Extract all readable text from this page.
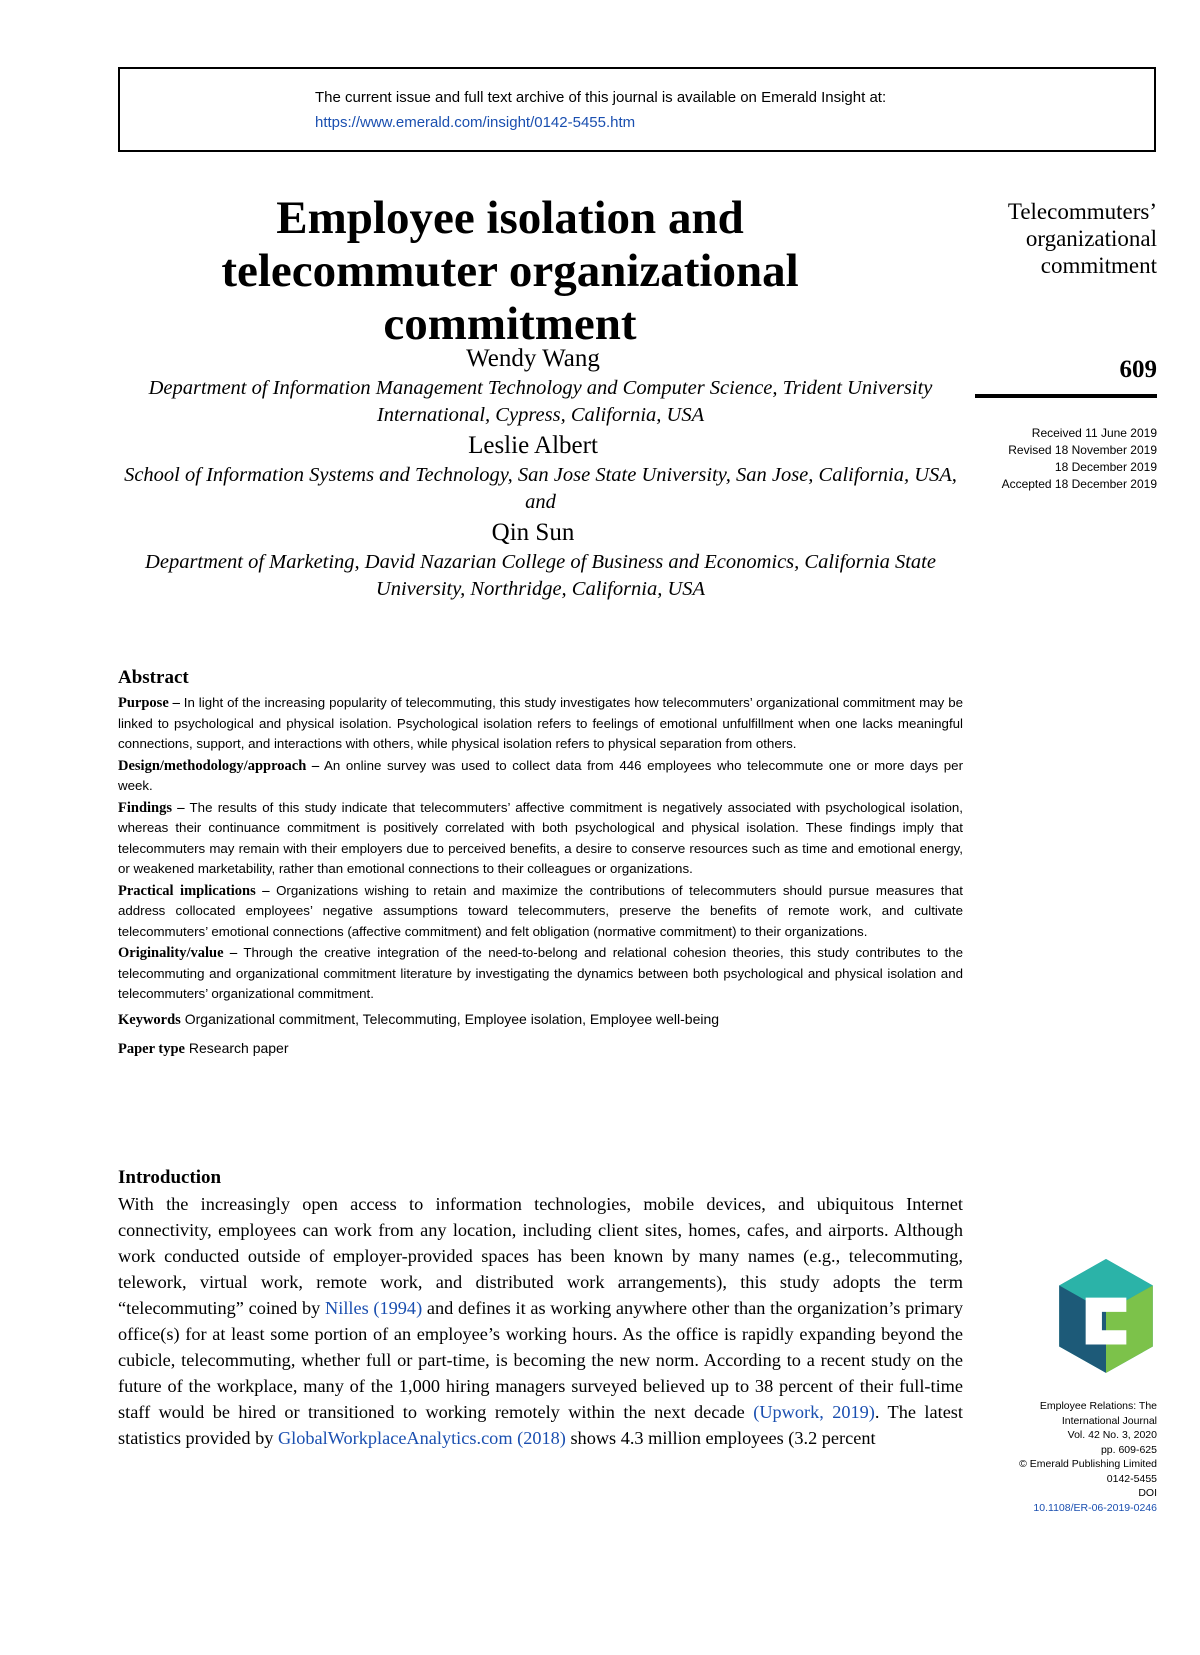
The current issue and full text archive of this journal is available on Emerald Insight at:
https://www.emerald.com/insight/0142-5455.htm
Employee isolation and telecommuter organizational commitment
Wendy Wang
Department of Information Management Technology and Computer Science, Trident University International, Cypress, California, USA
Leslie Albert
School of Information Systems and Technology, San Jose State University, San Jose, California, USA, and
Qin Sun
Department of Marketing, David Nazarian College of Business and Economics, California State University, Northridge, California, USA
Telecommuters’
organizational
commitment
609
Received 11 June 2019
Revised 18 November 2019
18 December 2019
Accepted 18 December 2019
Abstract

Purpose – In light of the increasing popularity of telecommuting, this study investigates how telecommuters’ organizational commitment may be linked to psychological and physical isolation. Psychological isolation refers to feelings of emotional unfulfillment when one lacks meaningful connections, support, and interactions with others, while physical isolation refers to physical separation from others.

Design/methodology/approach – An online survey was used to collect data from 446 employees who telecommute one or more days per week.

Findings – The results of this study indicate that telecommuters’ affective commitment is negatively associated with psychological isolation, whereas their continuance commitment is positively correlated with both psychological and physical isolation. These findings imply that telecommuters may remain with their employers due to perceived benefits, a desire to conserve resources such as time and emotional energy, or weakened marketability, rather than emotional connections to their colleagues or organizations.

Practical implications – Organizations wishing to retain and maximize the contributions of telecommuters should pursue measures that address collocated employees’ negative assumptions toward telecommuters, preserve the benefits of remote work, and cultivate telecommuters’ emotional connections (affective commitment) and felt obligation (normative commitment) to their organizations.

Originality/value – Through the creative integration of the need-to-belong and relational cohesion theories, this study contributes to the telecommuting and organizational commitment literature by investigating the dynamics between both psychological and physical isolation and telecommuters’ organizational commitment.

Keywords Organizational commitment, Telecommuting, Employee isolation, Employee well-being

Paper type Research paper

Introduction

With the increasingly open access to information technologies, mobile devices, and ubiquitous Internet connectivity, employees can work from any location, including client sites, homes, cafes, and airports. Although work conducted outside of employer-provided spaces has been known by many names (e.g., telecommuting, telework, virtual work, remote work, and distributed work arrangements), this study adopts the term “telecommuting” coined by Nilles (1994) and defines it as working anywhere other than the organization’s primary office(s) for at least some portion of an employee’s working hours. As the office is rapidly expanding beyond the cubicle, telecommuting, whether full or part-time, is becoming the new norm. According to a recent study on the future of the workplace, many of the 1,000 hiring managers surveyed believed up to 38 percent of their full-time staff would be hired or transitioned to working remotely within the next decade (Upwork, 2019). The latest statistics provided by GlobalWorkplaceAnalytics.com (2018) shows 4.3 million employees (3.2 percent

Employee Relations: The
International Journal
Vol. 42 No. 3, 2020
pp. 609-625
© Emerald Publishing Limited
0142-5455
DOI
10.1108/ER-06-2019-0246
